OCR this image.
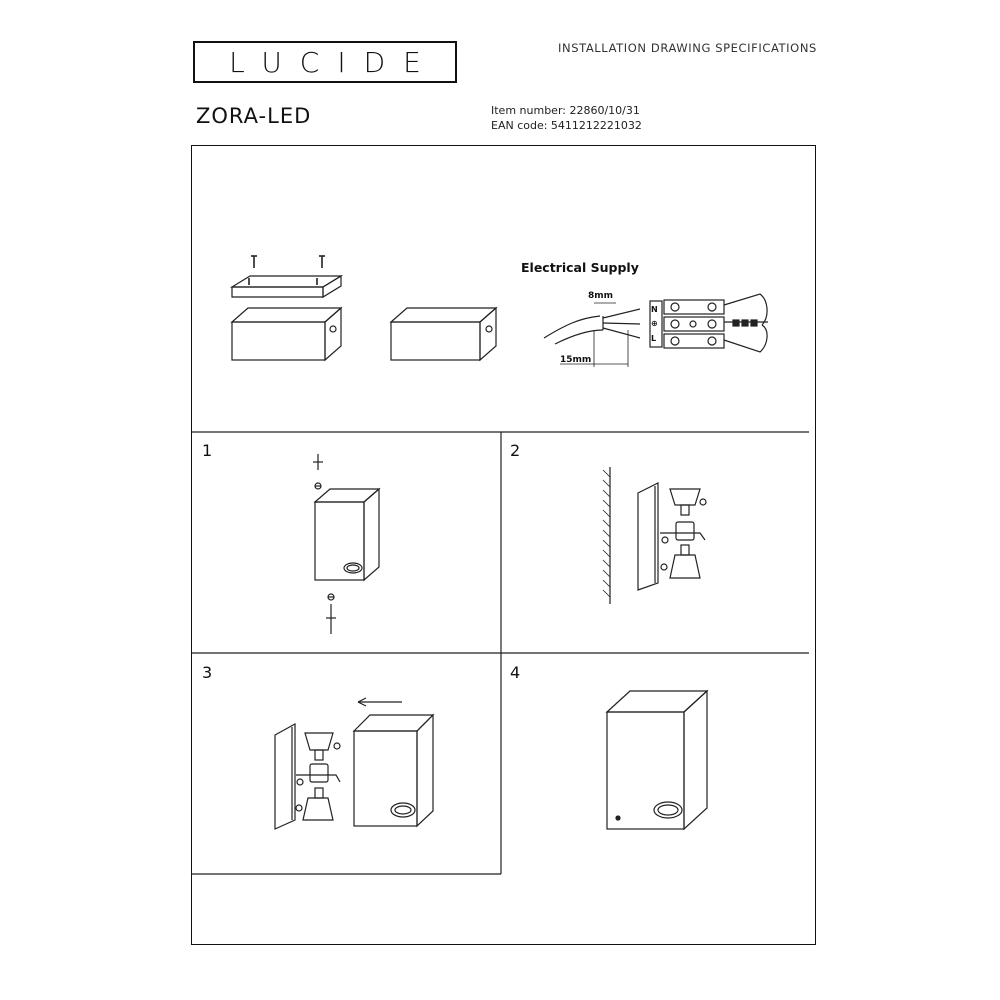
LUCIDE	INSTALLATION DRAWING SPECIFICATIONS
ZORA-LED	Item number: 22860/10/31
EAN code: 5411212221032
Electrical Supply
8mm
15mm
N
⊕
L
1	2
3	4
